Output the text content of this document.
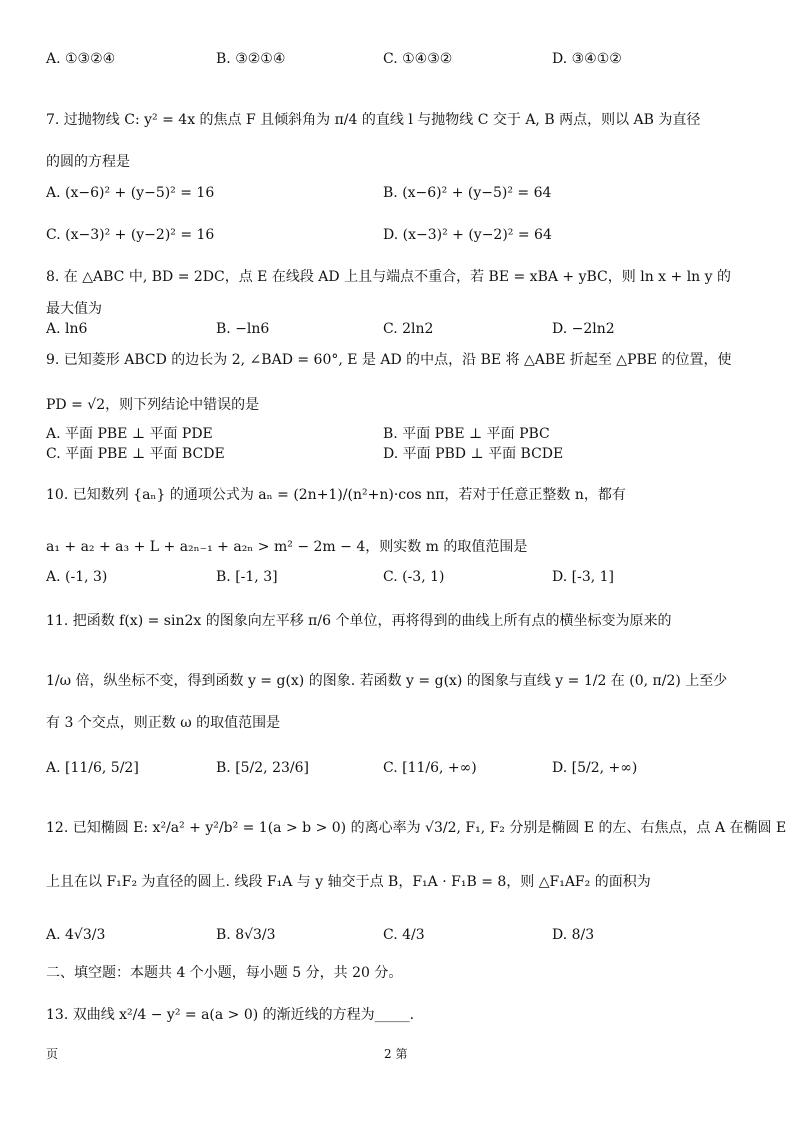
A. ①③②④	B. ③②①④	C. ①④③②	D. ③④①②
7. 过抛物线 C: y² = 4x 的焦点 F 且倾斜角为 π/4 的直线 l 与抛物线 C 交于 A, B 两点，则以 AB 为直径
的圆的方程是
A. (x−6)² + (y−5)² = 16	B. (x−6)² + (y−5)² = 64
C. (x−3)² + (y−2)² = 16	D. (x−3)² + (y−2)² = 64
8. 在 △ABC 中, BD = 2DC，点 E 在线段 AD 上且与端点不重合，若 BE = xBA + yBC，则 ln x + ln y 的
最大值为
A. ln6	B. −ln6	C. 2ln2	D. −2ln2
9. 已知菱形 ABCD 的边长为 2, ∠BAD = 60°, E 是 AD 的中点，沿 BE 将 △ABE 折起至 △PBE 的位置，使
PD = √2，则下列结论中错误的是
A. 平面 PBE ⊥ 平面 PDE	B. 平面 PBE ⊥ 平面 PBC
C. 平面 PBE ⊥ 平面 BCDE	D. 平面 PBD ⊥ 平面 BCDE
10. 已知数列 {aₙ} 的通项公式为 aₙ = (2n+1)/(n²+n)·cos nπ，若对于任意正整数 n，都有
a₁ + a₂ + a₃ + L + a₂ₙ₋₁ + a₂ₙ > m² − 2m − 4，则实数 m 的取值范围是
A. (-1, 3)	B. [-1, 3]	C. (-3, 1)	D. [-3, 1]
11. 把函数 f(x) = sin2x 的图象向左平移 π/6 个单位，再将得到的曲线上所有点的横坐标变为原来的
1/ω 倍，纵坐标不变，得到函数 y = g(x) 的图象. 若函数 y = g(x) 的图象与直线 y = 1/2 在 (0, π/2) 上至少
有 3 个交点，则正数 ω 的取值范围是
A. [11/6, 5/2]	B. [5/2, 23/6]	C. [11/6, +∞)	D. [5/2, +∞)
12. 已知椭圆 E: x²/a² + y²/b² = 1(a > b > 0) 的离心率为 √3/2, F₁, F₂ 分别是椭圆 E 的左、右焦点，点 A 在椭圆 E
上且在以 F₁F₂ 为直径的圆上. 线段 F₁A 与 y 轴交于点 B，F₁A · F₁B = 8，则 △F₁AF₂ 的面积为
A. 4√3/3	B. 8√3/3	C. 4/3	D. 8/3
二、填空题：本题共 4 个小题，每小题 5 分，共 20 分。
13. 双曲线 x²/4 − y² = a(a > 0) 的渐近线的方程为_____.
页	2 第
